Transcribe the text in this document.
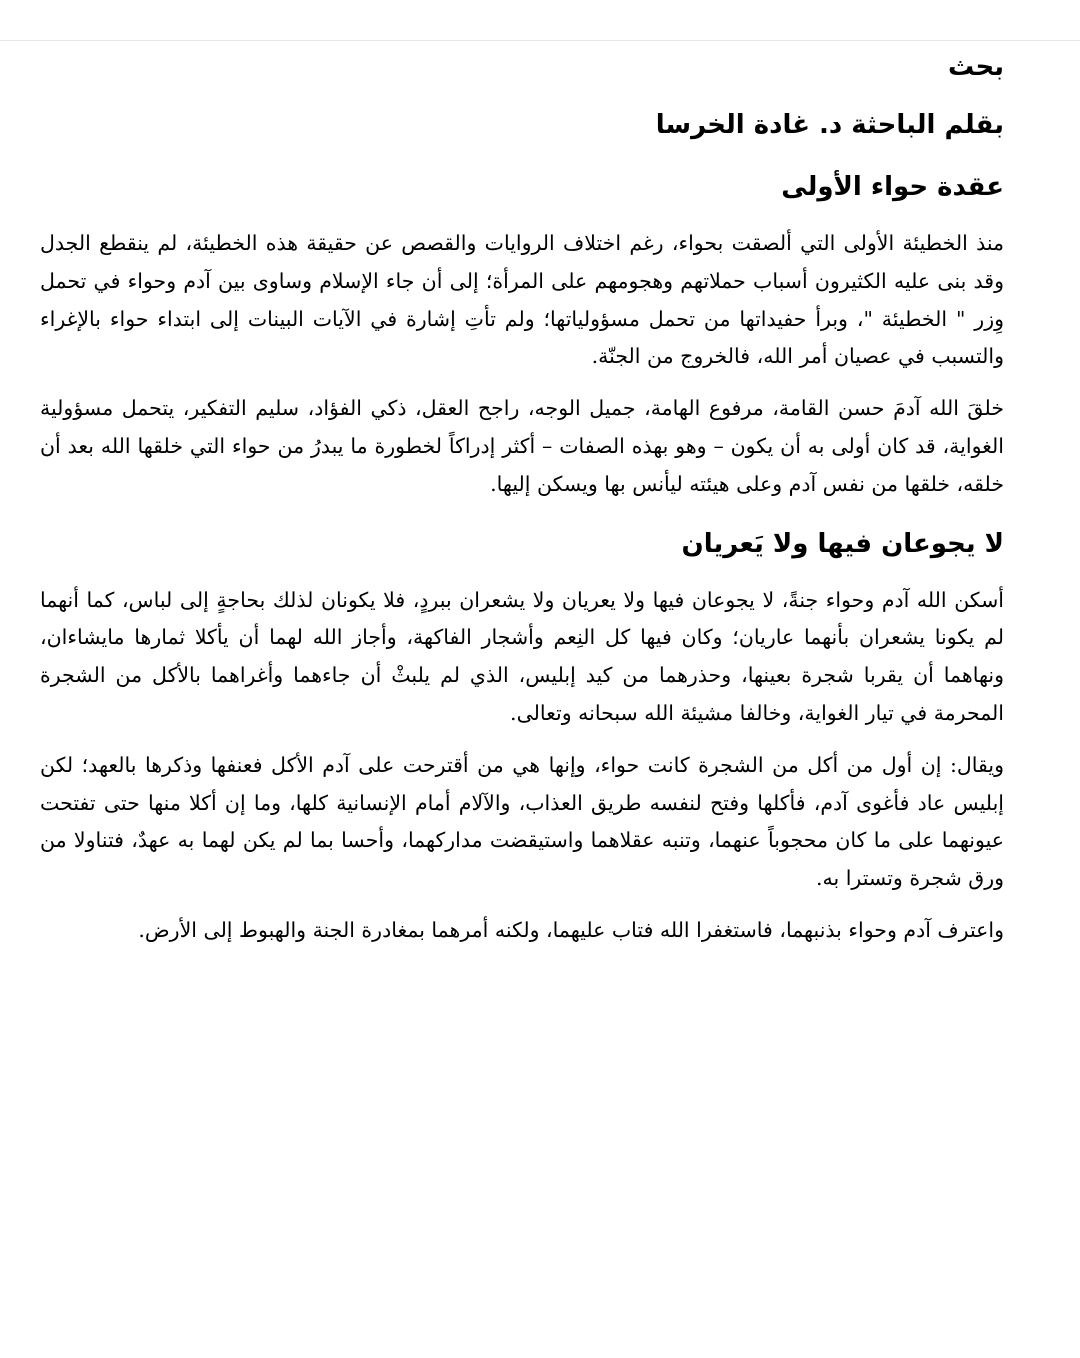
بحث
بقلم الباحثة د. غادة الخرسا
عقدة حواء الأولى

منذ الخطيئة الأولى التي ألصقت بحواء، رغم اختلاف الروايات والقصص عن حقيقة هذه الخطيئة، لم ينقطع الجدل وقد بنى عليه الكثيرون أسباب حملاتهم وهجومهم على المرأة؛ إلى أن جاء الإسلام وساوى بين آدم وحواء في تحمل وِزر " الخطيئة "، وبرأ حفيداتها من تحمل مسؤولياتها؛ ولم تأتِ إشارة في الآيات البينات إلى ابتداء حواء بالإغراء والتسبب في عصيان أمر الله، فالخروج من الجنّة.

خلقَ الله آدمَ حسن القامة، مرفوع الهامة، جميل الوجه، راجح العقل، ذكي الفؤاد، سليم التفكير، يتحمل مسؤولية الغواية، قد كان أولى به أن يكون – وهو بهذه الصفات – أكثر إدراكاً لخطورة ما يبدرُ من حواء التي خلقها الله بعد أن خلقه، خلقها من نفس آدم وعلى هيئته ليأنس بها ويسكن إليها.

لا يجوعان فيها ولا يَعريان

أسكن الله آدم وحواء جنةً، لا يجوعان فيها ولا يعريان ولا يشعران ببردٍ، فلا يكونان لذلك بحاجةٍ إلى لباس، كما أنهما لم يكونا يشعران بأنهما عاريان؛ وكان فيها كل النِعم وأشجار الفاكهة، وأجاز الله لهما أن يأكلا ثمارها مايشاءان، ونهاهما أن يقربا شجرة بعينها، وحذرهما من كيد إبليس، الذي لم يلبثْ أن جاءهما وأغراهما بالأكل من الشجرة المحرمة في تيار الغواية، وخالفا مشيئة الله سبحانه وتعالى.

ويقال: إن أول من أكل من الشجرة كانت حواء، وإنها هي من أقترحت على آدم الأكل فعنفها وذكرها بالعهد؛ لكن إبليس عاد فأغوى آدم، فأكلها وفتح لنفسه طريق العذاب، والآلام أمام الإنسانية كلها، وما إن أكلا منها حتى تفتحت عيونهما على ما كان محجوباً عنهما، وتنبه عقلاهما واستيقضت مداركهما، وأحسا بما لم يكن لهما به عهدٌ، فتناولا من ورق شجرة وتسترا به.

واعترف آدم وحواء بذنبهما، فاستغفرا الله فتاب عليهما، ولكنه أمرهما بمغادرة الجنة والهبوط إلى الأرض.
